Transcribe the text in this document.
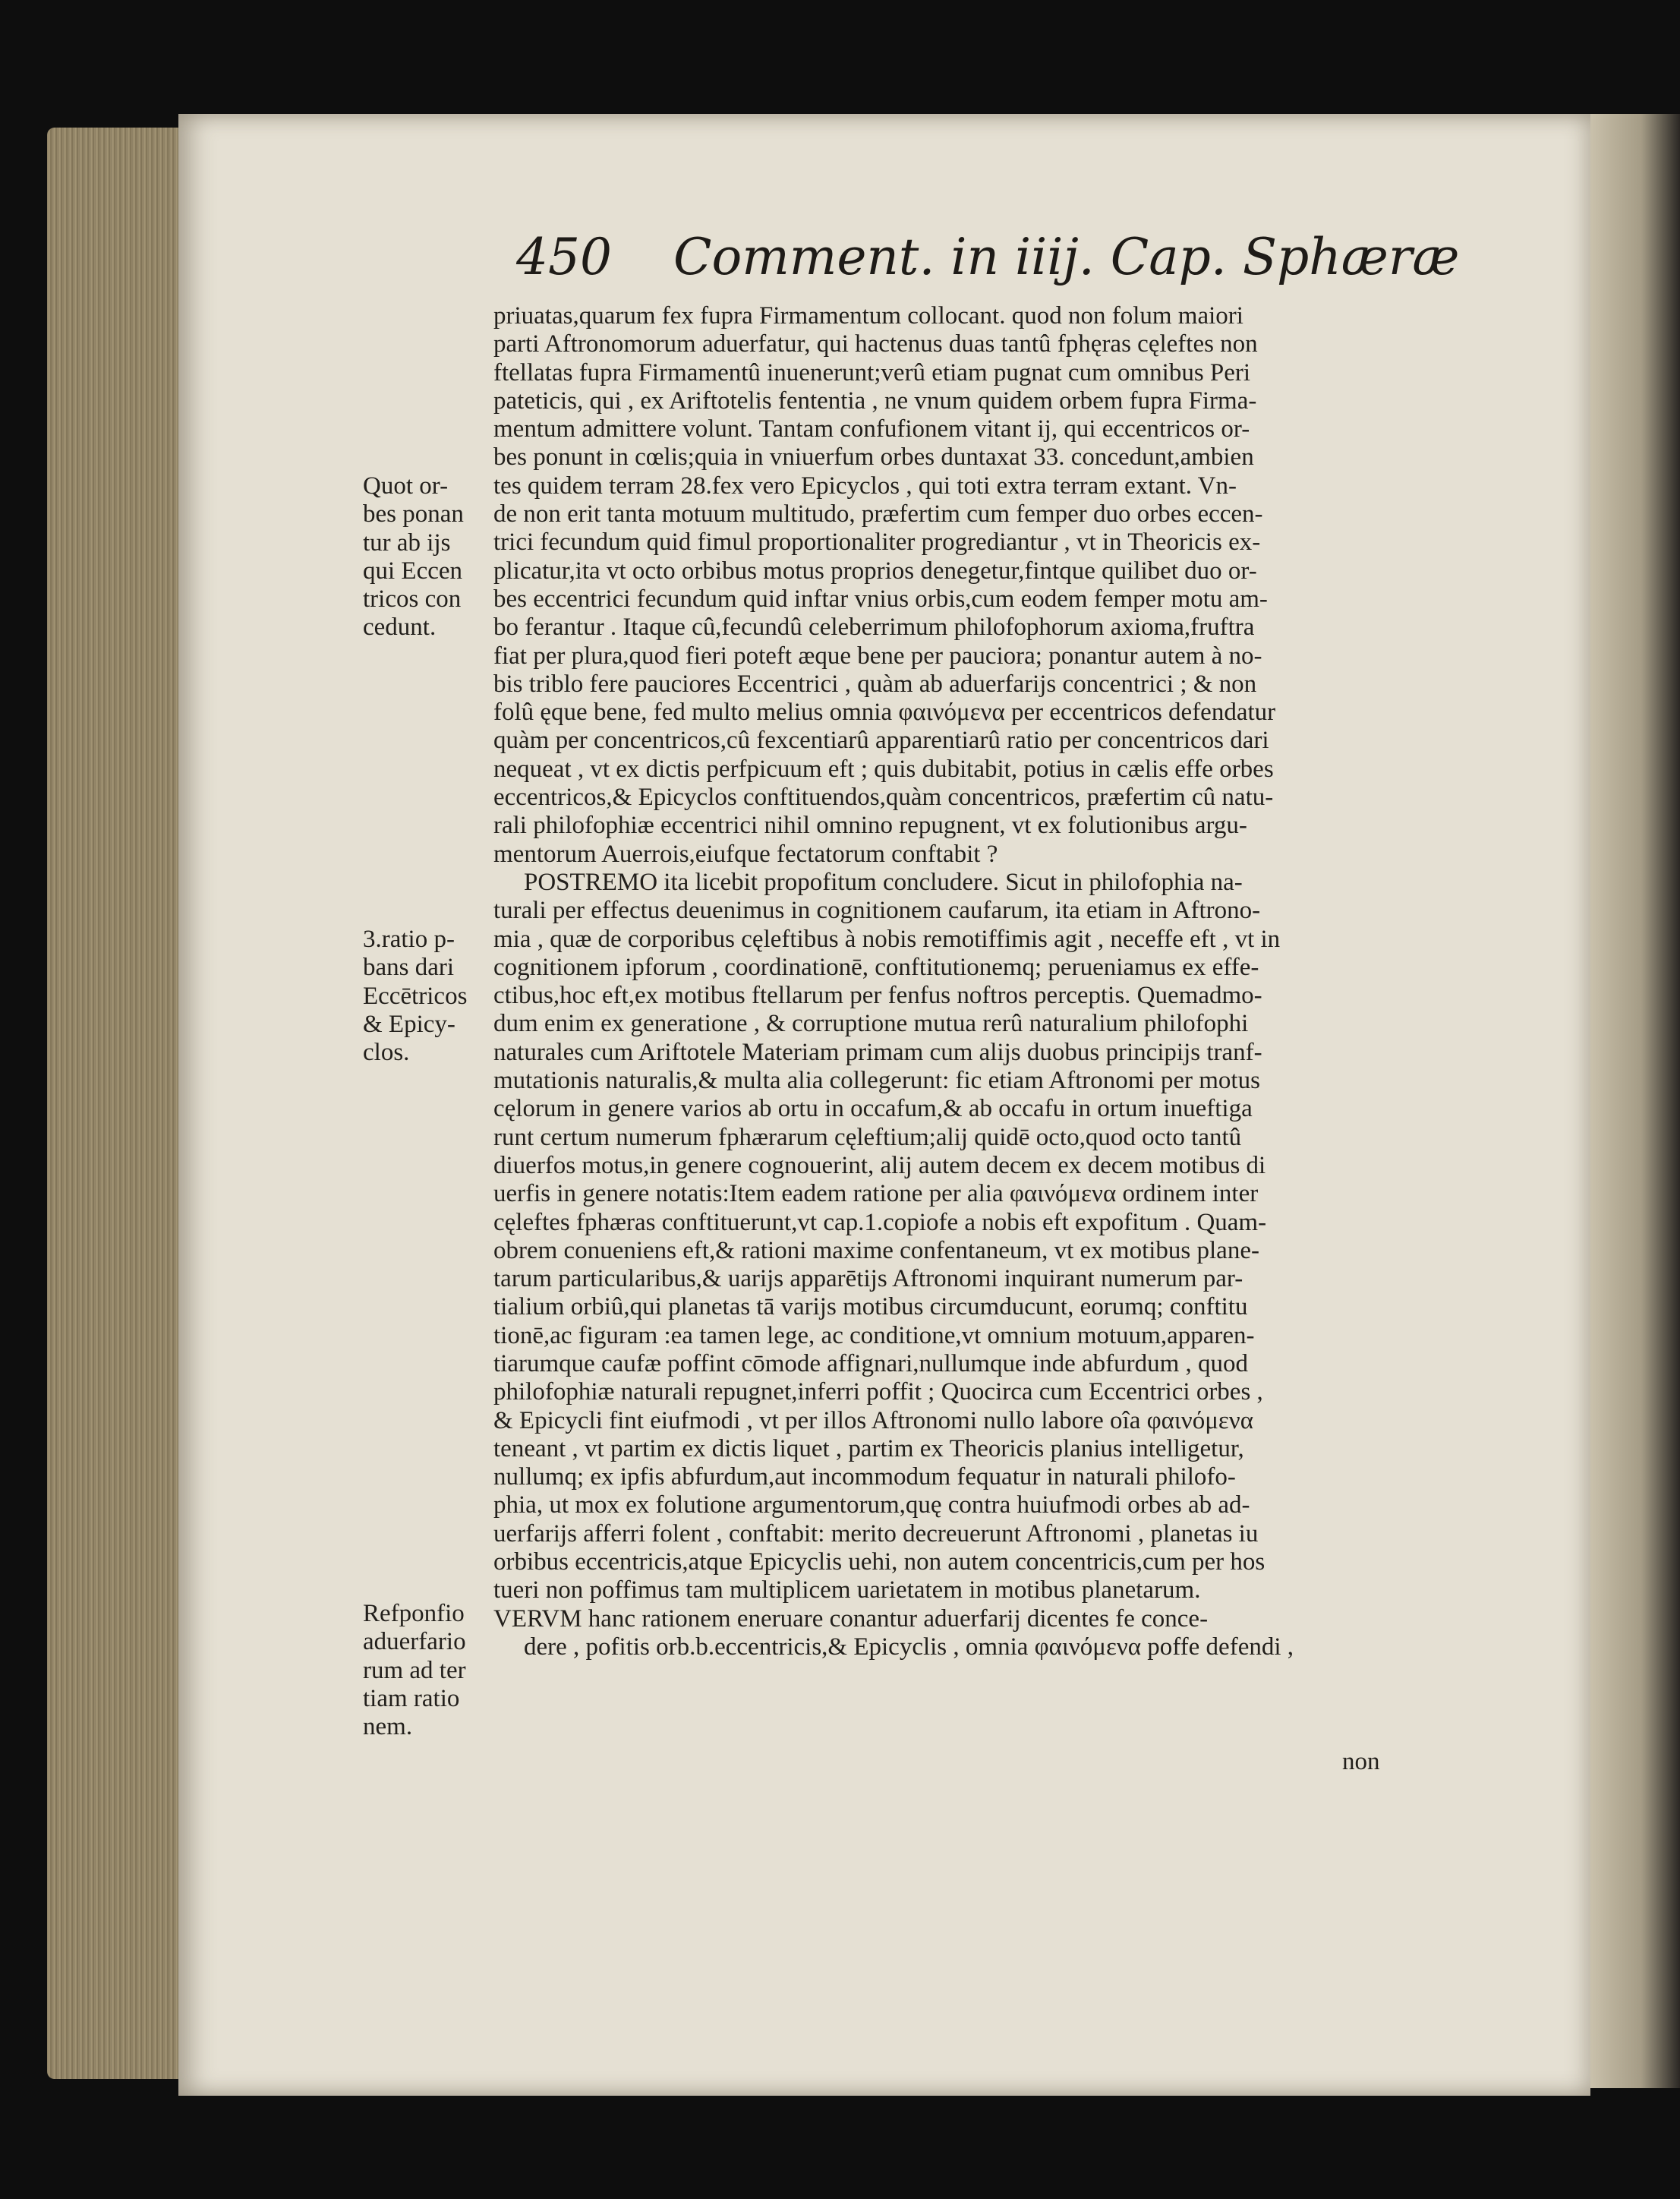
450 Comment. in iiij. Cap. Sphæræ
priuatas,quarum fex fupra Firmamentum collocant. quod non folum maiori
parti Aftronomorum aduerfatur, qui hactenus duas tantû fphęras cęleftes non
ftellatas fupra Firmamentû inuenerunt;verû etiam pugnat cum omnibus Peri
pateticis, qui , ex Ariftotelis fententia , ne vnum quidem orbem fupra Firma-
mentum admittere volunt. Tantam confufionem vitant ij, qui eccentricos or-
bes ponunt in cœlis;quia in vniuerfum orbes duntaxat 33. concedunt,ambien
tes quidem terram 28.fex vero Epicyclos , qui toti extra terram extant. Vn-
de non erit tanta motuum multitudo, præfertim cum femper duo orbes eccen-
trici fecundum quid fimul proportionaliter progrediantur , vt in Theoricis ex-
plicatur,ita vt octo orbibus motus proprios denegetur,fintque quilibet duo or-
bes eccentrici fecundum quid inftar vnius orbis,cum eodem femper motu am-
bo ferantur . Itaque cû,fecundû celeberrimum philofophorum axioma,fruftra
fiat per plura,quod fieri poteft æque bene per pauciora; ponantur autem à no-
bis triblo fere pauciores Eccentrici , quàm ab aduerfarijs concentrici ; & non
folû ęque bene, fed multo melius omnia φαινόμενα per eccentricos defendatur
quàm per concentricos,cû fexcentiarû apparentiarû ratio per concentricos dari
nequeat , vt ex dictis perfpicuum eft ; quis dubitabit, potius in cælis effe orbes
eccentricos,& Epicyclos conftituendos,quàm concentricos, præfertim cû natu-
rali philofophiæ eccentrici nihil omnino repugnent, vt ex folutionibus argu-
mentorum Auerrois,eiufque fectatorum conftabit ?
POSTREMO ita licebit propofitum concludere. Sicut in philofophia na-
turali per effectus deuenimus in cognitionem caufarum, ita etiam in Aftrono-
mia , quæ de corporibus cęleftibus à nobis remotiffimis agit , neceffe eft , vt in
cognitionem ipforum , coordinationē, conftitutionemq; perueniamus ex effe-
ctibus,hoc eft,ex motibus ftellarum per fenfus noftros perceptis. Quemadmo-
dum enim ex generatione , & corruptione mutua rerû naturalium philofophi
naturales cum Ariftotele Materiam primam cum alijs duobus principijs tranf-
mutationis naturalis,& multa alia collegerunt: fic etiam Aftronomi per motus
cęlorum in genere varios ab ortu in occafum,& ab occafu in ortum inueftiga
runt certum numerum fphærarum cęleftium;alij quidē octo,quod octo tantû
diuerfos motus,in genere cognouerint, alij autem decem ex decem motibus di
uerfis in genere notatis:Item eadem ratione per alia φαινόμενα ordinem inter
cęleftes fphæras conftituerunt,vt cap.1.copiofe a nobis eft expofitum . Quam-
obrem conueniens eft,& rationi maxime confentaneum, vt ex motibus plane-
tarum particularibus,& uarijs apparētijs Aftronomi inquirant numerum par-
tialium orbiû,qui planetas tā varijs motibus circumducunt, eorumq; conftitu
tionē,ac figuram :ea tamen lege, ac conditione,vt omnium motuum,apparen-
tiarumque caufæ poffint cōmode affignari,nullumque inde abfurdum , quod
philofophiæ naturali repugnet,inferri poffit ; Quocirca cum Eccentrici orbes ,
& Epicycli fint eiufmodi , vt per illos Aftronomi nullo labore oîa φαινόμενα
teneant , vt partim ex dictis liquet , partim ex Theoricis planius intelligetur,
nullumq; ex ipfis abfurdum,aut incommodum fequatur in naturali philofo-
phia, ut mox ex folutione argumentorum,quę contra huiufmodi orbes ab ad-
uerfarijs afferri folent , conftabit: merito decreuerunt Aftronomi , planetas iu
orbibus eccentricis,atque Epicyclis uehi, non autem concentricis,cum per hos
tueri non poffimus tam multiplicem uarietatem in motibus planetarum.
VERVM hanc rationem eneruare conantur aduerfarij dicentes fe conce-
dere , pofitis orb.b.eccentricis,& Epicyclis , omnia φαινόμενα poffe defendi ,
Quot or-
bes ponan
tur ab ijs
qui Eccen
tricos con
cedunt.
3.ratio p-
bans dari
Eccētricos
& Epicy-
clos.
Refponfio
aduerfario
rum ad ter
tiam ratio
nem.
non
